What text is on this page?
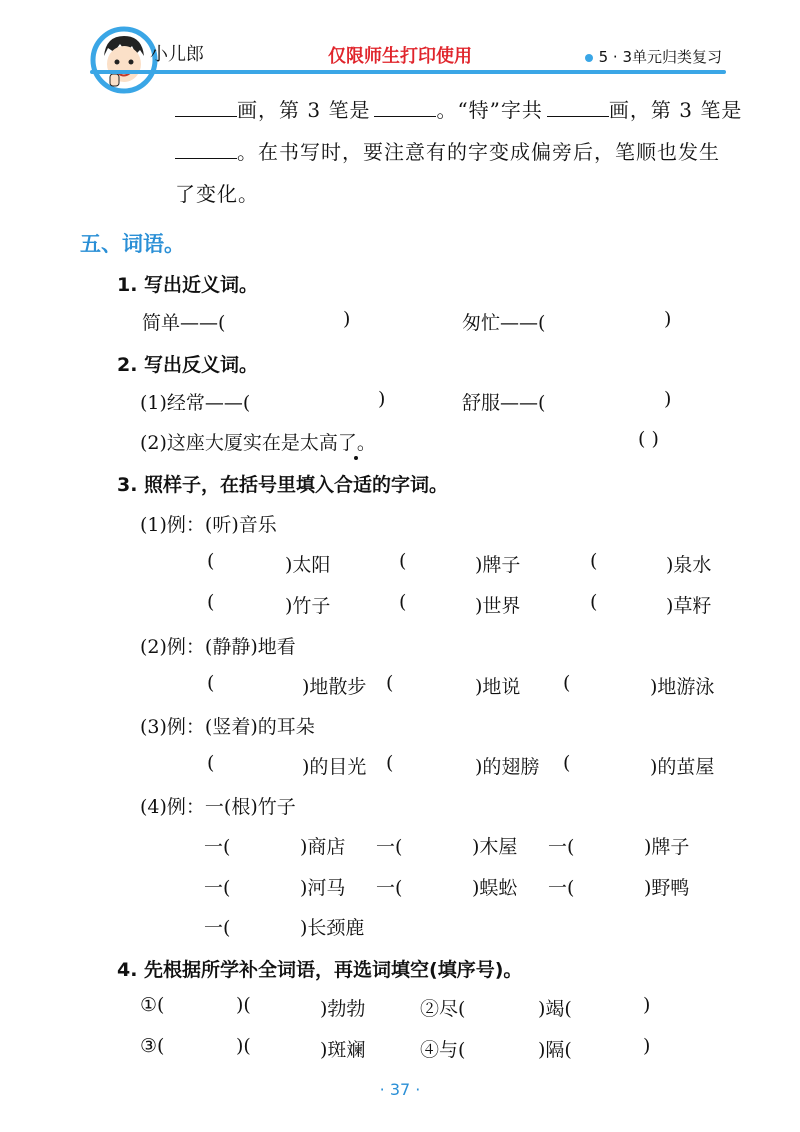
小儿郎	仅限师生打印使用	5 · 3单元归类复习
画，第 3 笔是	。“特”字共	画，第 3 笔是
。在书写时，要注意有的字变成偏旁后，笔顺也发生
了变化。
五、词语。
1. 写出近义词。
简单——(	)	匆忙——(	)
2. 写出反义词。
(1)经常——(	)	舒服——(	)
(2)这座大厦实在是太高了。	( )
3. 照样子，在括号里填入合适的字词。
(1)例：(听)音乐
(	)太阳	(	)牌子	(	)泉水
(	)竹子	(	)世界	(	)草籽
(2)例：(静静)地看
(	)地散步 (	)地说 (	)地游泳
(3)例：(竖着)的耳朵
(	)的目光 (	)的翅膀 (	)的茧屋
(4)例：一(根)竹子
一(	)商店 一(	)木屋 一(	)牌子
一(	)河马 一(	)蜈蚣 一(	)野鸭
一(	)长颈鹿
4. 先根据所学补全词语，再选词填空(填序号)。
①(	)(	)勃勃	②尽(	)竭(	)
③(	)(	)斑斓	④与(	)隔(	)
· 37 ·
